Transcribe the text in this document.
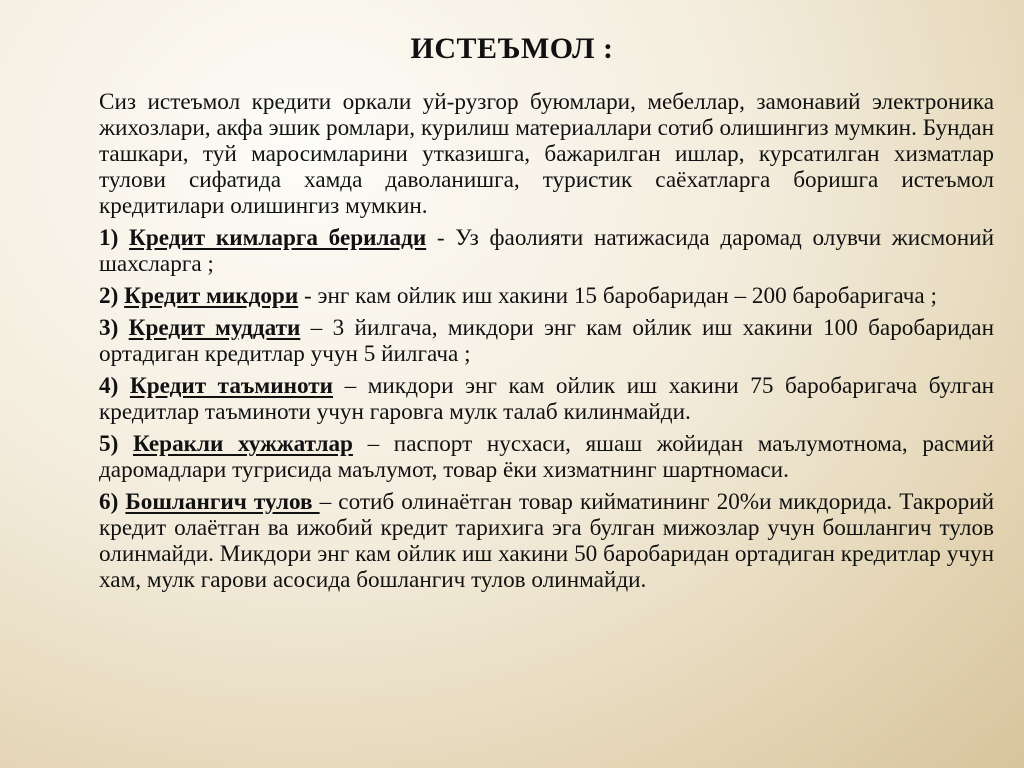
ИСТЕЪМОЛ :

Сиз истеъмол кредити оркали уй-рузгор буюмлари, мебеллар, замонавий электроника жихозлари, акфа эшик ромлари, курилиш материаллари сотиб олишингиз мумкин. Бундан ташкари, туй маросимларини утказишга, бажарилган ишлар, курсатилган хизматлар тулови сифатида хамда даволанишга, туристик саёхатларга боришга истеъмол кредитилари олишингиз мумкин.

1) Кредит кимларга берилади - Уз фаолияти натижасида даромад олувчи жисмоний шахсларга ;

2) Кредит микдори - энг кам ойлик иш хакини 15 баробаридан – 200 баробаригача ;

3) Кредит муддати – 3 йилгача, микдори энг кам ойлик иш хакини 100 баробаридан ортадиган кредитлар учун 5 йилгача ;

4) Кредит таъминоти – микдори энг кам ойлик иш хакини 75 баробаригача булган кредитлар таъминоти учун гаровга мулк талаб килинмайди.

5) Керакли хужжатлар – паспорт нусхаси, яшаш жойидан маълумотнома, расмий даромадлари тугрисида маълумот, товар ёки хизматнинг шартномаси.

6) Бошлангич тулов – сотиб олинаётган товар кийматининг 20%и микдорида. Такрорий кредит олаётган ва ижобий кредит тарихига эга булган мижозлар учун бошлангич тулов олинмайди. Микдори энг кам ойлик иш хакини 50 баробаридан ортадиган кредитлар учун хам, мулк гарови асосида бошлангич тулов олинмайди.
